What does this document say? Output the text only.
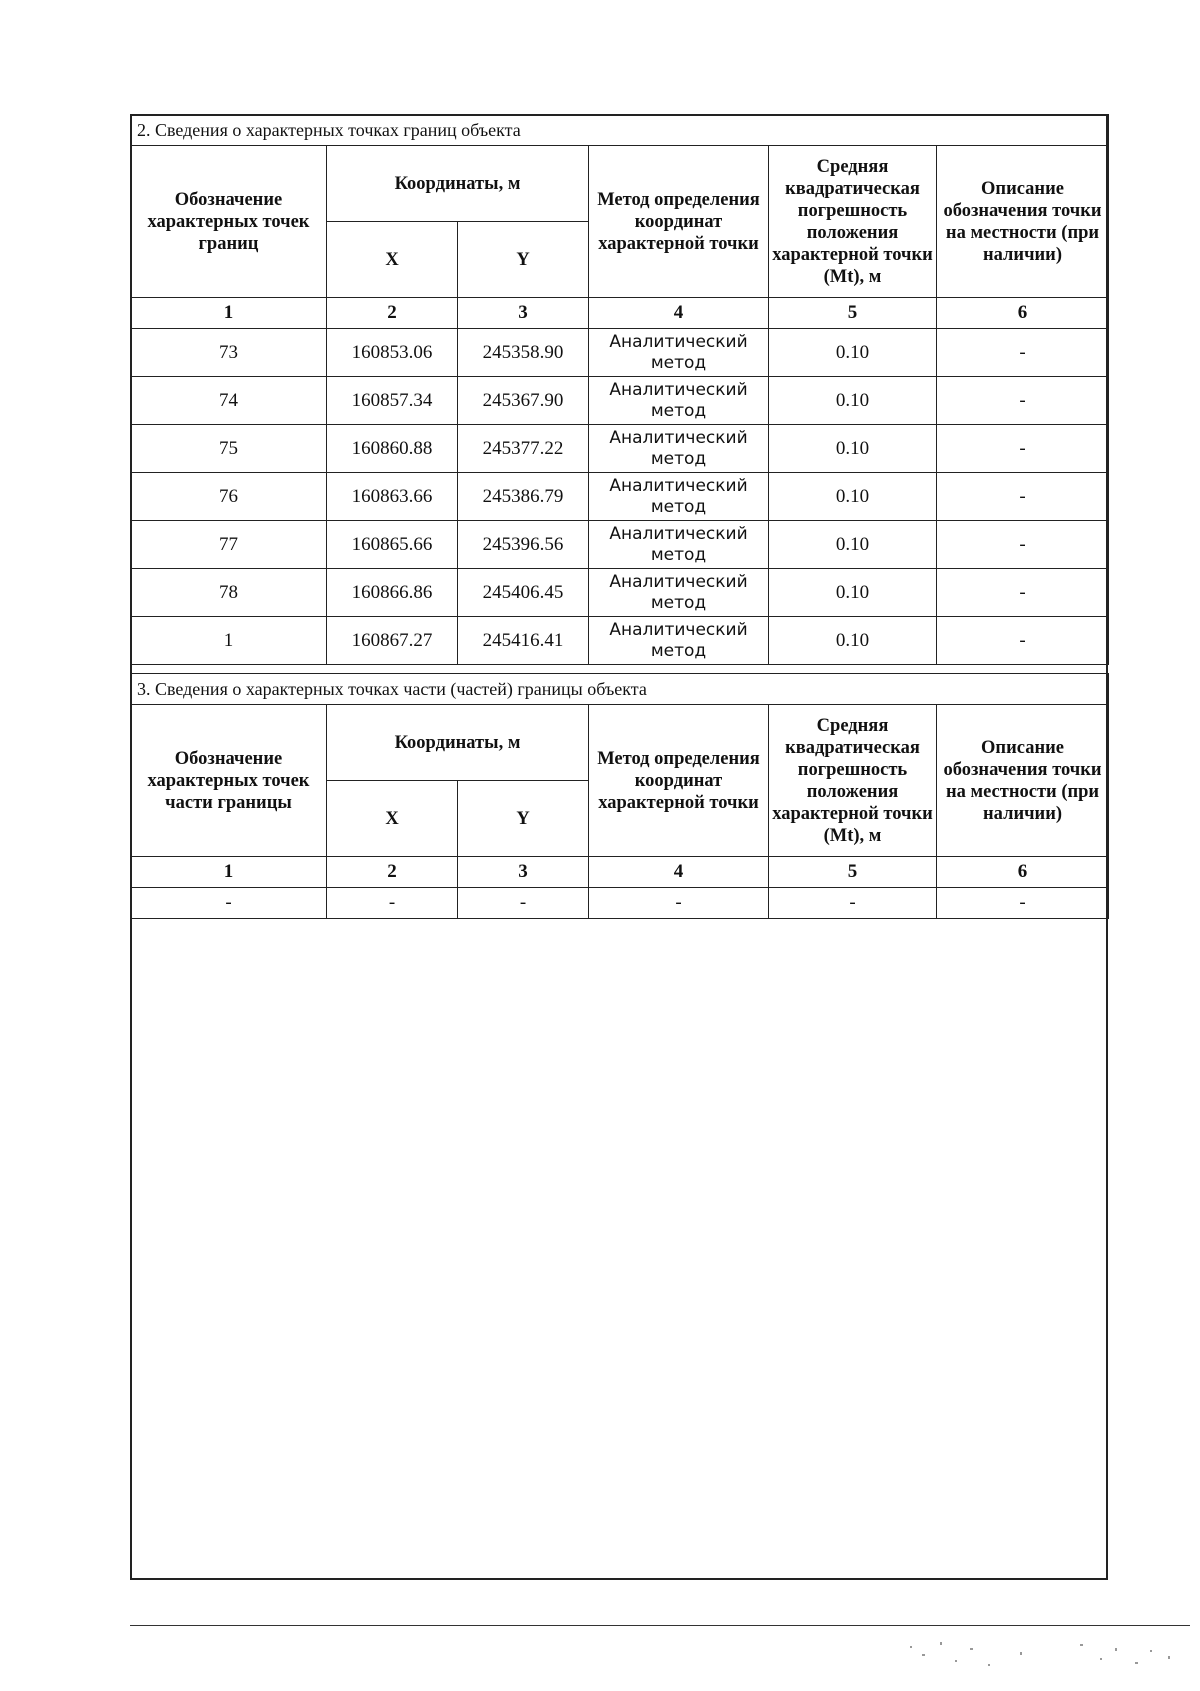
2. Сведения о характерных точках границ объекта					
Обозначение характерных точек границ	Координаты, м		Метод определения координат характерной точки	Средняя квадратическая погрешность положения характерной точки (Mt), м	Описание обозначения точки на местности (при наличии)
	X	Y			
1	2	3	4	5	6
73	160853.06	245358.90	Аналитический метод	0.10	-
74	160857.34	245367.90	Аналитический метод	0.10	-
75	160860.88	245377.22	Аналитический метод	0.10	-
76	160863.66	245386.79	Аналитический метод	0.10	-
77	160865.66	245396.56	Аналитический метод	0.10	-
78	160866.86	245406.45	Аналитический метод	0.10	-
1	160867.27	245416.41	Аналитический метод	0.10	-
3. Сведения о характерных точках части (частей) границы объекта					
Обозначение характерных точек части границы	Координаты, м		Метод определения координат характерной точки	Средняя квадратическая погрешность положения характерной точки (Mt), м	Описание обозначения точки на местности (при наличии)
	X	Y			
1	2	3	4	5	6
-	-	-	-	-	-
